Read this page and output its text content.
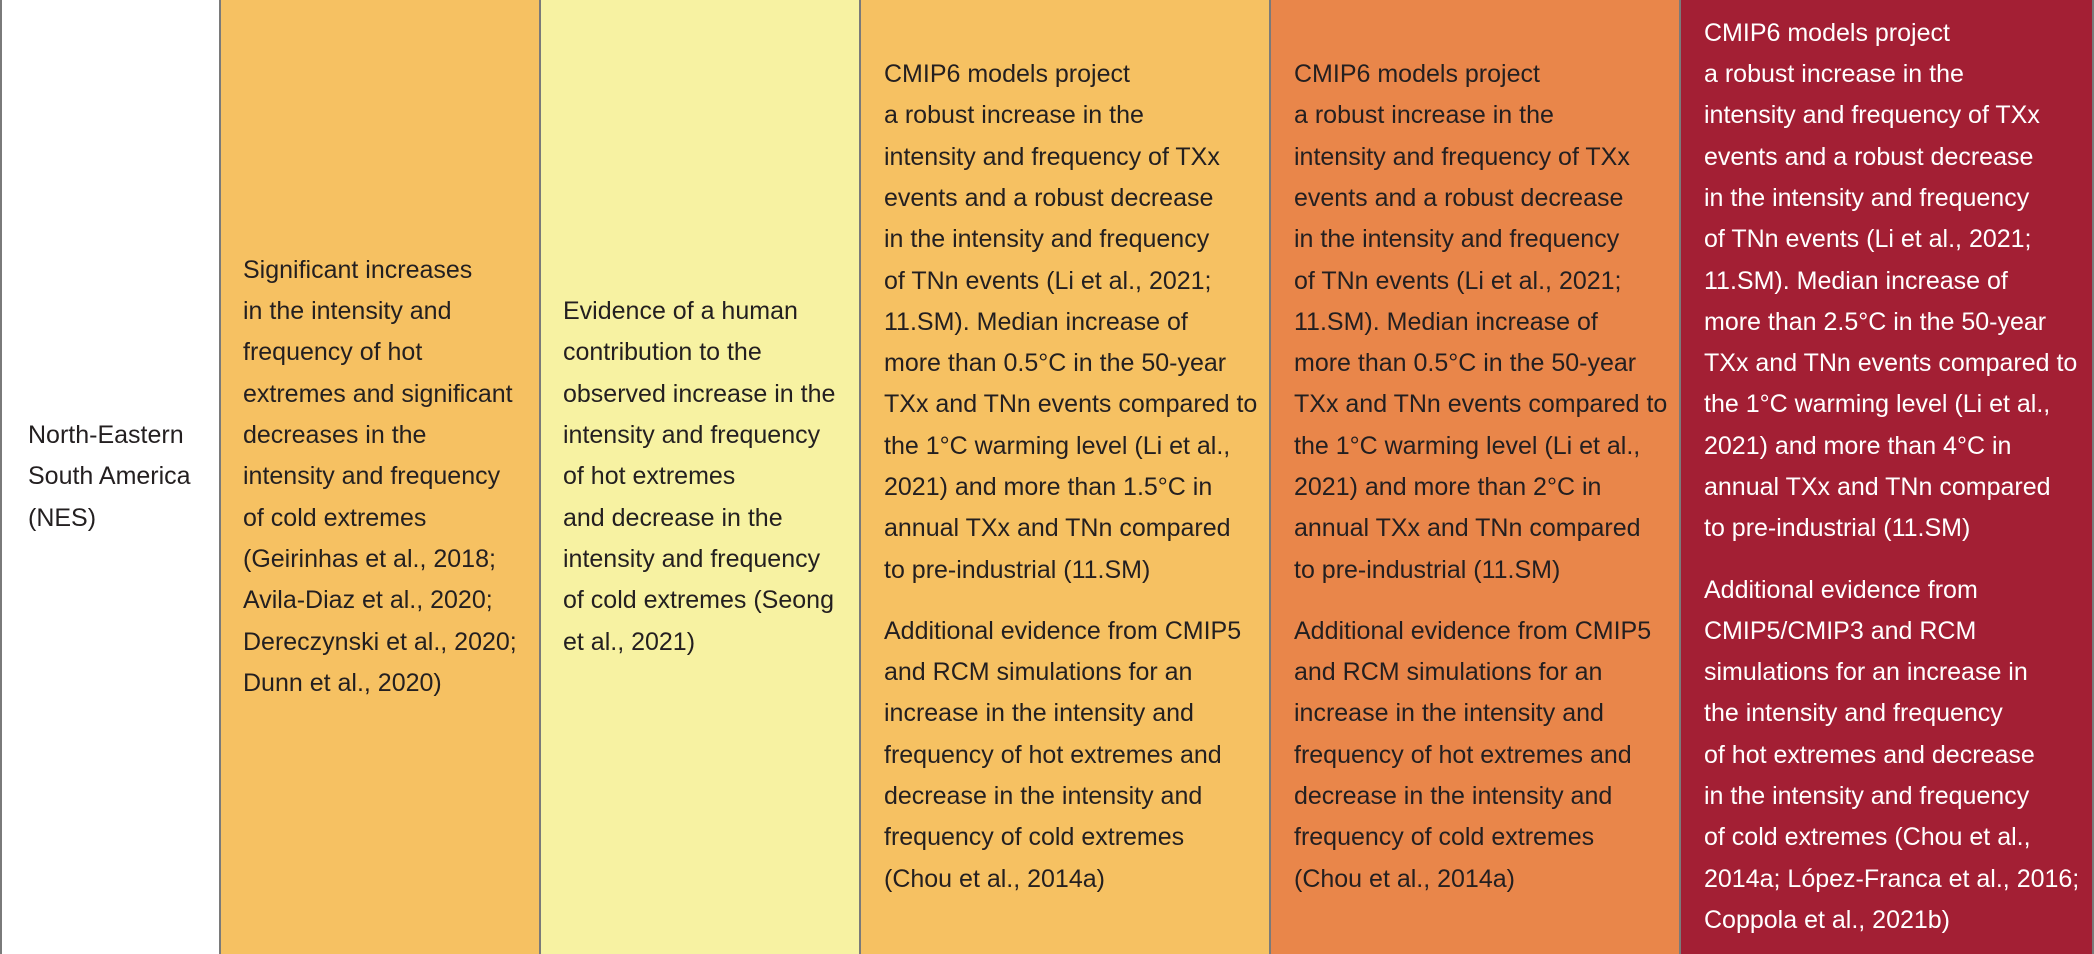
North-Eastern
South America
(NES)

Significant increases
in the intensity and
frequency of hot
extremes and significant
decreases in the
intensity and frequency
of cold extremes
(Geirinhas et al., 2018;
Avila-Diaz et al., 2020;
Dereczynski et al., 2020;
Dunn et al., 2020)

Evidence of a human
contribution to the
observed increase in the
intensity and frequency
of hot extremes
and decrease in the
intensity and frequency
of cold extremes (Seong
et al., 2021)

CMIP6 models project
a robust increase in the
intensity and frequency of TXx
events and a robust decrease
in the intensity and frequency
of TNn events (Li et al., 2021;
11.SM). Median increase of
more than 0.5°C in the 50-year
TXx and TNn events compared to
the 1°C warming level (Li et al.,
2021) and more than 1.5°C in
annual TXx and TNn compared
to pre-industrial (11.SM)

Additional evidence from CMIP5
and RCM simulations for an
increase in the intensity and
frequency of hot extremes and
decrease in the intensity and
frequency of cold extremes
(Chou et al., 2014a)

CMIP6 models project
a robust increase in the
intensity and frequency of TXx
events and a robust decrease
in the intensity and frequency
of TNn events (Li et al., 2021;
11.SM). Median increase of
more than 0.5°C in the 50-year
TXx and TNn events compared to
the 1°C warming level (Li et al.,
2021) and more than 2°C in
annual TXx and TNn compared
to pre-industrial (11.SM)

Additional evidence from CMIP5
and RCM simulations for an
increase in the intensity and
frequency of hot extremes and
decrease in the intensity and
frequency of cold extremes
(Chou et al., 2014a)

CMIP6 models project
a robust increase in the
intensity and frequency of TXx
events and a robust decrease
in the intensity and frequency
of TNn events (Li et al., 2021;
11.SM). Median increase of
more than 2.5°C in the 50-year
TXx and TNn events compared to
the 1°C warming level (Li et al.,
2021) and more than 4°C in
annual TXx and TNn compared
to pre-industrial (11.SM)

Additional evidence from
CMIP5/CMIP3 and RCM
simulations for an increase in
the intensity and frequency
of hot extremes and decrease
in the intensity and frequency
of cold extremes (Chou et al.,
2014a; López-Franca et al., 2016;
Coppola et al., 2021b)
